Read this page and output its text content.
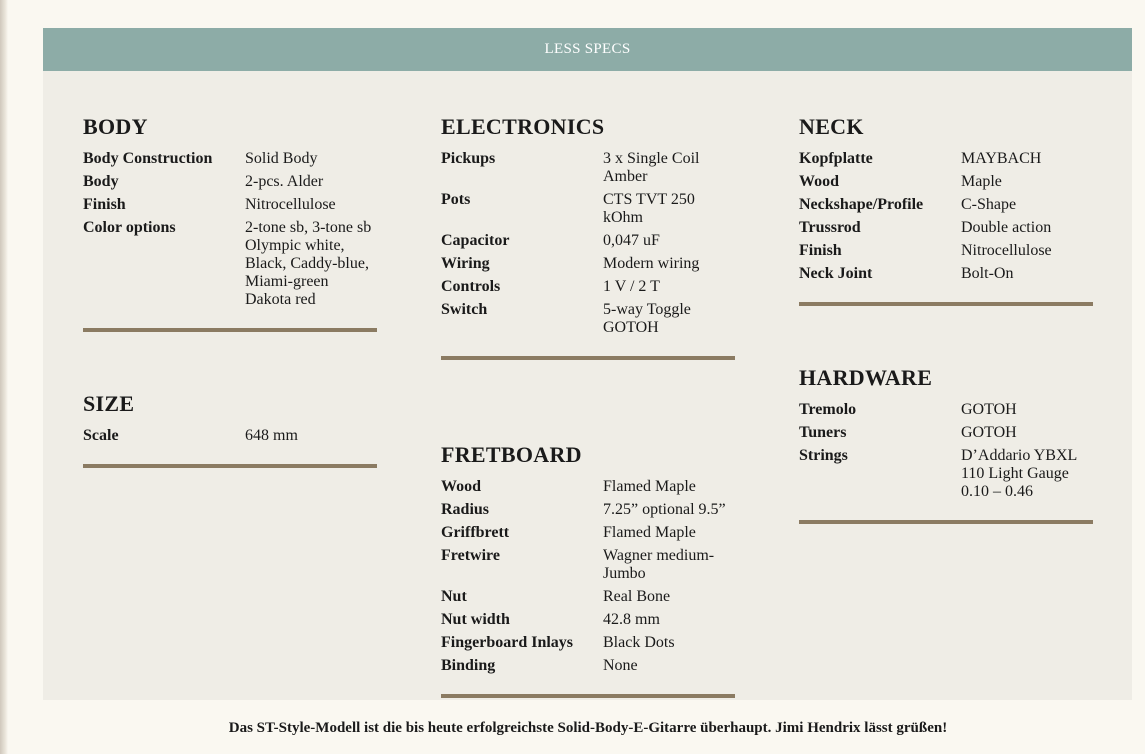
LESS SPECS
BODY
Body Construction	Solid Body
Body	2-pcs. Alder
Finish	Nitrocellulose
Color options	2-tone sb, 3-tone sb Olympic white, Black, Caddy-blue, Miami-green Dakota red
SIZE
Scale	648 mm
ELECTRONICS
Pickups	3 x Single Coil Amber
Pots	CTS TVT 250 kOhm
Capacitor	0,047 uF
Wiring	Modern wiring
Controls	1 V / 2 T
Switch	5-way Toggle GOTOH
FRETBOARD
Wood	Flamed Maple
Radius	7.25” optional 9.5”
Griffbrett	Flamed Maple
Fretwire	Wagner medium-Jumbo
Nut	Real Bone
Nut width	42.8 mm
Fingerboard Inlays	Black Dots
Binding	None
NECK
Kopfplatte	MAYBACH
Wood	Maple
Neckshape/Profile	C-Shape
Trussrod	Double action
Finish	Nitrocellulose
Neck Joint	Bolt-On
HARDWARE
Tremolo	GOTOH
Tuners	GOTOH
Strings	D’Addario YBXL 110 Light Gauge 0.10 – 0.46
Das ST-Style-Modell ist die bis heute erfolgreichste Solid-Body-E-Gitarre überhaupt. Jimi Hendrix lässt grüßen!
